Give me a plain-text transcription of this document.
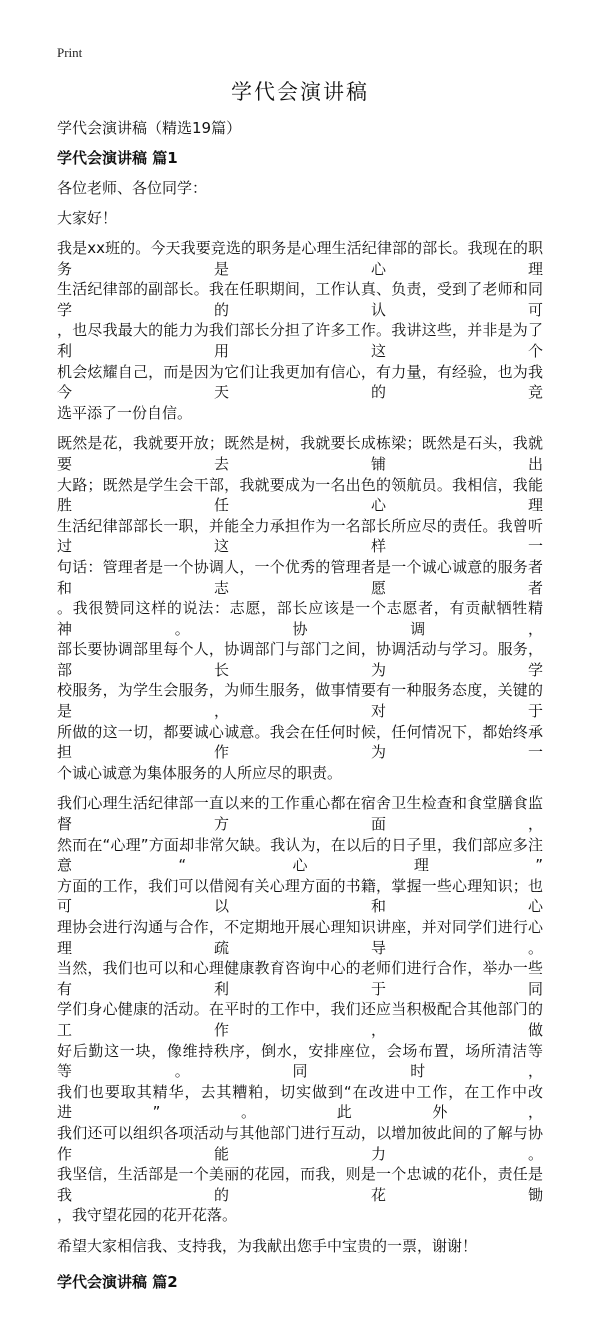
Print
学代会演讲稿
学代会演讲稿（精选19篇）
学代会演讲稿 篇1
各位老师、各位同学：
大家好！
我是xx班的。今天我要竞选的职务是心理生活纪律部的部长。我现在的职务是心理
生活纪律部的副部长。我在任职期间，工作认真、负责，受到了老师和同学的认可
，也尽我最大的能力为我们部长分担了许多工作。我讲这些，并非是为了利用这个
机会炫耀自己，而是因为它们让我更加有信心，有力量，有经验，也为我今天的竞
选平添了一份自信。
既然是花，我就要开放；既然是树，我就要长成栋梁；既然是石头，我就要去铺出
大路；既然是学生会干部，我就要成为一名出色的领航员。我相信，我能胜任心理
生活纪律部部长一职，并能全力承担作为一名部长所应尽的责任。我曾听过这样一
句话：管理者是一个协调人，一个优秀的管理者是一个诚心诚意的服务者和志愿者
。我很赞同这样的说法：志愿，部长应该是一个志愿者，有贡献牺牲精神。协调，
部长要协调部里每个人，协调部门与部门之间，协调活动与学习。服务，部长为学
校服务，为学生会服务，为师生服务，做事情要有一种服务态度，关键的是，对于
所做的这一切，都要诚心诚意。我会在任何时候，任何情况下，都始终承担作为一
个诚心诚意为集体服务的人所应尽的职责。
我们心理生活纪律部一直以来的工作重心都在宿舍卫生检查和食堂膳食监督方面，
然而在“心理”方面却非常欠缺。我认为，在以后的日子里，我们部应多注意“心理”
方面的工作，我们可以借阅有关心理方面的书籍，掌握一些心理知识；也可以和心
理协会进行沟通与合作，不定期地开展心理知识讲座，并对同学们进行心理疏导。
当然，我们也可以和心理健康教育咨询中心的老师们进行合作，举办一些有利于同
学们身心健康的活动。在平时的工作中，我们还应当积极配合其他部门的工作，做
好后勤这一块，像维持秩序，倒水，安排座位，会场布置，场所清洁等等。同时，
我们也要取其精华，去其糟粕，切实做到“在改进中工作，在工作中改进”。此外，
我们还可以组织各项活动与其他部门进行互动，以增加彼此间的了解与协作能力。
我坚信，生活部是一个美丽的花园，而我，则是一个忠诚的花仆，责任是我的花锄
，我守望花园的花开花落。
希望大家相信我、支持我，为我献出您手中宝贵的一票，谢谢！
学代会演讲稿 篇2
